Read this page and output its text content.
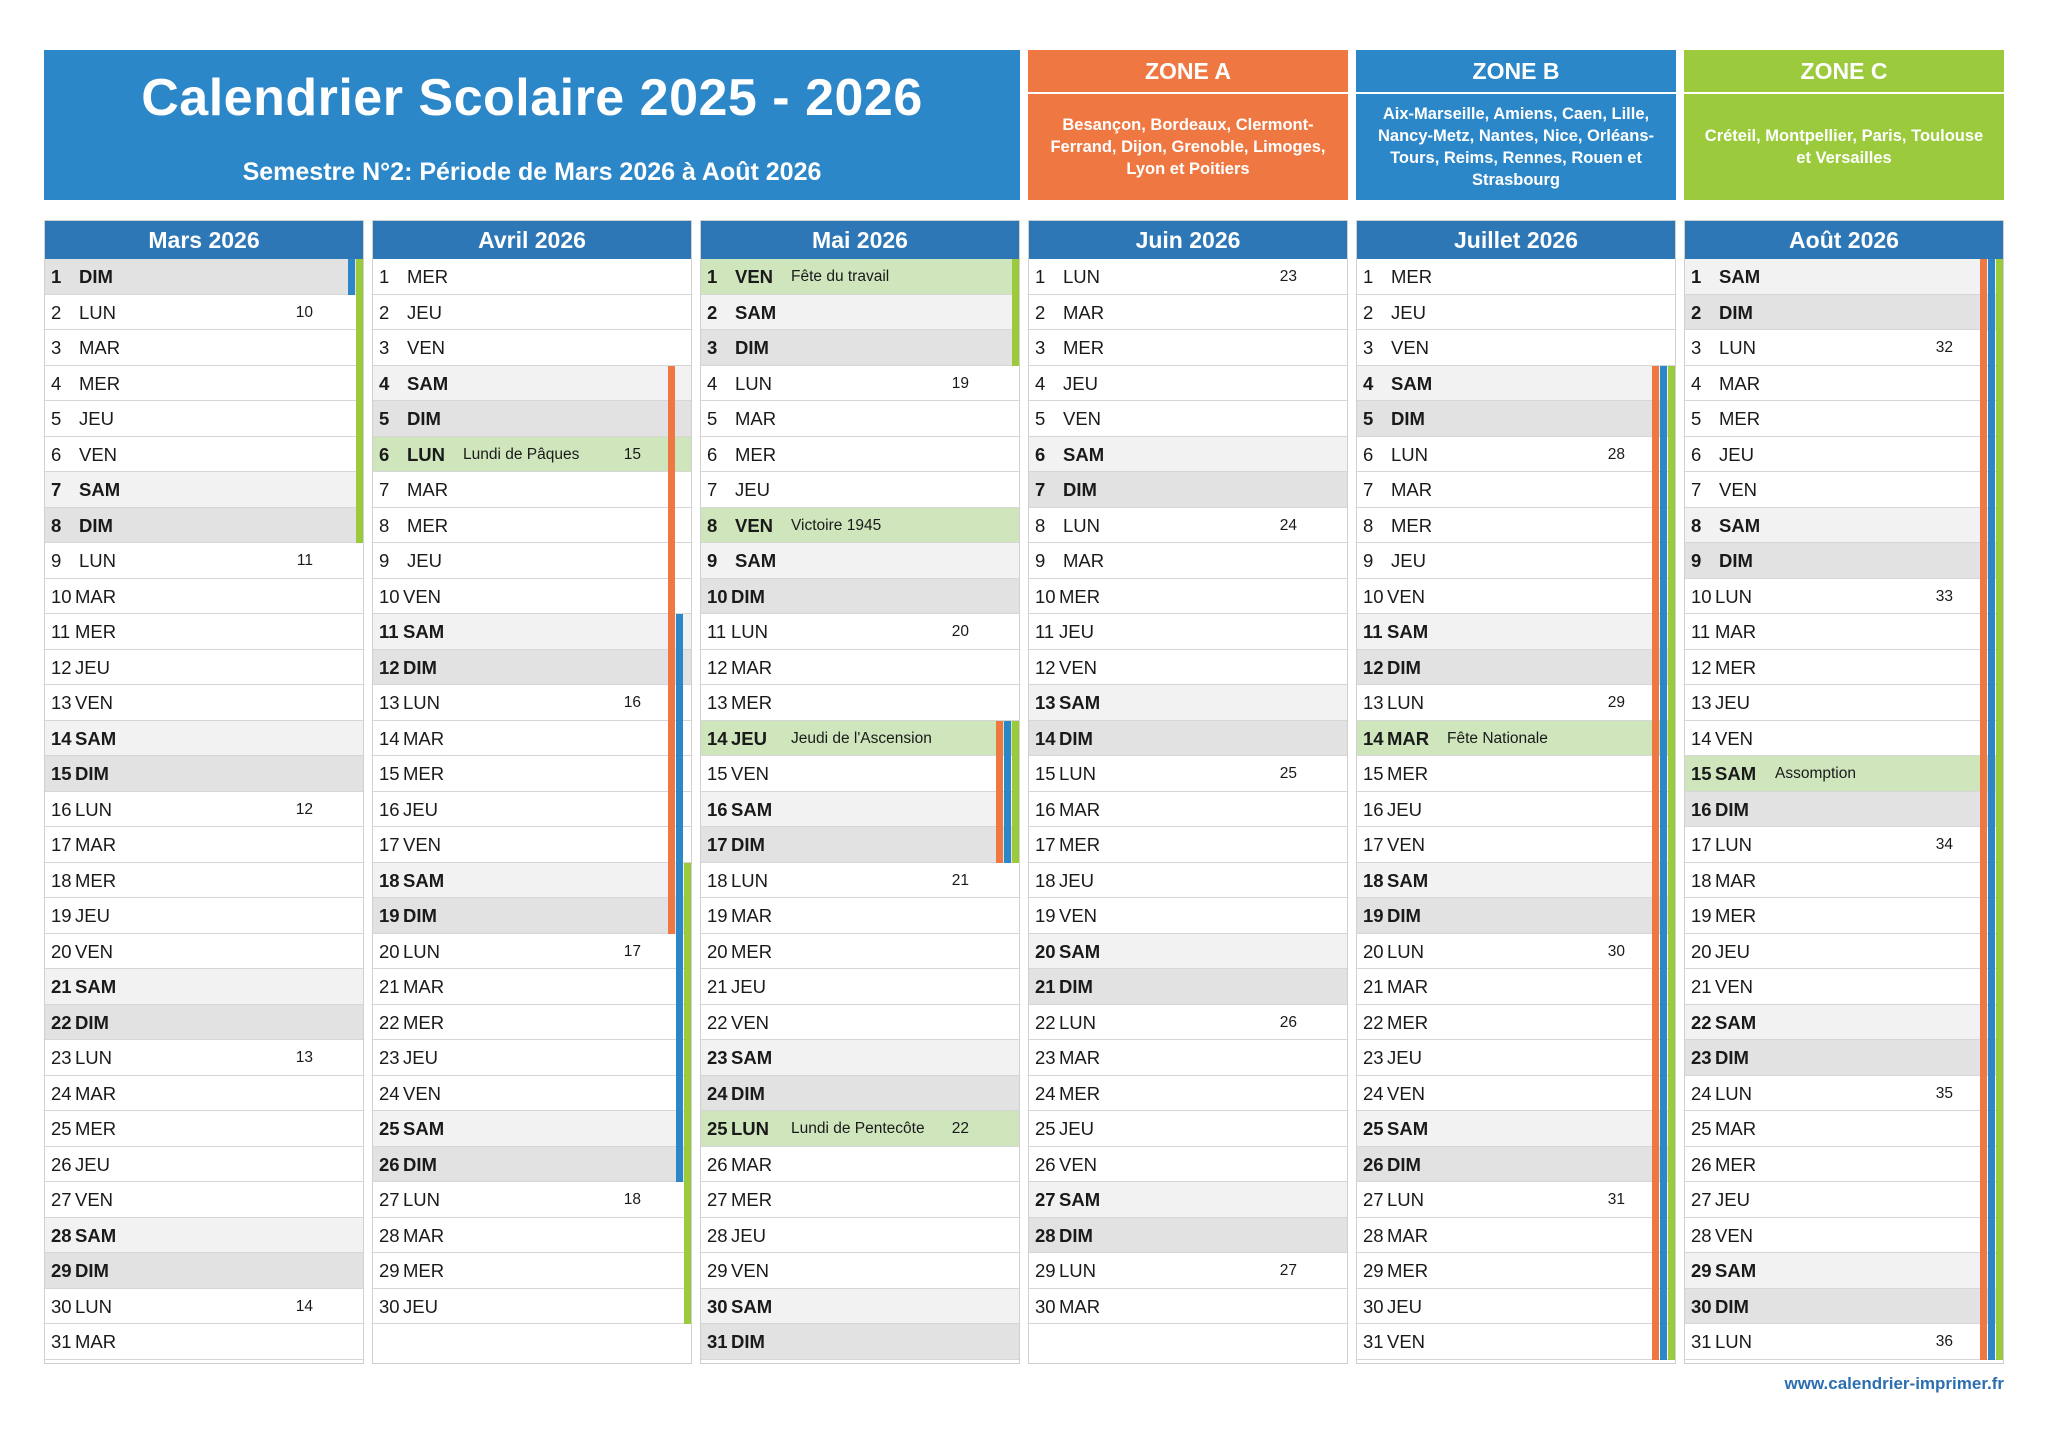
Calendrier Scolaire 2025 - 2026
Semestre N°2: Période de Mars 2026 à Août 2026
ZONE A
Besançon, Bordeaux, Clermont-Ferrand, Dijon, Grenoble, Limoges, Lyon et Poitiers
ZONE B
Aix-Marseille, Amiens, Caen, Lille, Nancy-Metz, Nantes, Nice, Orléans-Tours, Reims, Rennes, Rouen et Strasbourg
ZONE C
Créteil, Montpellier, Paris, Toulouse et Versailles
Mars 2026
1 DIM
2 LUN	10
3 MAR
4 MER
5 JEU
6 VEN
7 SAM
8 DIM
9 LUN	11
10 MAR
11 MER
12 JEU
13 VEN
14 SAM
15 DIM
16 LUN	12
17 MAR
18 MER
19 JEU
20 VEN
21 SAM
22 DIM
23 LUN	13
24 MAR
25 MER
26 JEU
27 VEN
28 SAM
29 DIM
30 LUN	14
31 MAR
Avril 2026
1 MER
2 JEU
3 VEN
4 SAM
5 DIM
6 LUN Lundi de Pâques	15
7 MAR
8 MER
9 JEU
10 VEN
11 SAM
12 DIM
13 LUN	16
14 MAR
15 MER
16 JEU
17 VEN
18 SAM
19 DIM
20 LUN	17
21 MAR
22 MER
23 JEU
24 VEN
25 SAM
26 DIM
27 LUN	18
28 MAR
29 MER
30 JEU
Mai 2026
1 VEN Fête du travail
2 SAM
3 DIM
4 LUN	19
5 MAR
6 MER
7 JEU
8 VEN Victoire 1945
9 SAM
10 DIM
11 LUN	20
12 MAR
13 MER
14 JEU Jeudi de l'Ascension
15 VEN
16 SAM
17 DIM
18 LUN	21
19 MAR
20 MER
21 JEU
22 VEN
23 SAM
24 DIM
25 LUN Lundi de Pentecôte	22
26 MAR
27 MER
28 JEU
29 VEN
30 SAM
31 DIM
Juin 2026
1 LUN	23
2 MAR
3 MER
4 JEU
5 VEN
6 SAM
7 DIM
8 LUN	24
9 MAR
10 MER
11 JEU
12 VEN
13 SAM
14 DIM
15 LUN	25
16 MAR
17 MER
18 JEU
19 VEN
20 SAM
21 DIM
22 LUN	26
23 MAR
24 MER
25 JEU
26 VEN
27 SAM
28 DIM
29 LUN	27
30 MAR
Juillet 2026
1 MER
2 JEU
3 VEN
4 SAM
5 DIM
6 LUN	28
7 MAR
8 MER
9 JEU
10 VEN
11 SAM
12 DIM
13 LUN	29
14 MAR Fête Nationale
15 MER
16 JEU
17 VEN
18 SAM
19 DIM
20 LUN	30
21 MAR
22 MER
23 JEU
24 VEN
25 SAM
26 DIM
27 LUN	31
28 MAR
29 MER
30 JEU
31 VEN
Août 2026
1 SAM
2 DIM
3 LUN	32
4 MAR
5 MER
6 JEU
7 VEN
8 SAM
9 DIM
10 LUN	33
11 MAR
12 MER
13 JEU
14 VEN
15 SAM Assomption
16 DIM
17 LUN	34
18 MAR
19 MER
20 JEU
21 VEN
22 SAM
23 DIM
24 LUN	35
25 MAR
26 MER
27 JEU
28 VEN
29 SAM
30 DIM
31 LUN	36
www.calendrier-imprimer.fr
